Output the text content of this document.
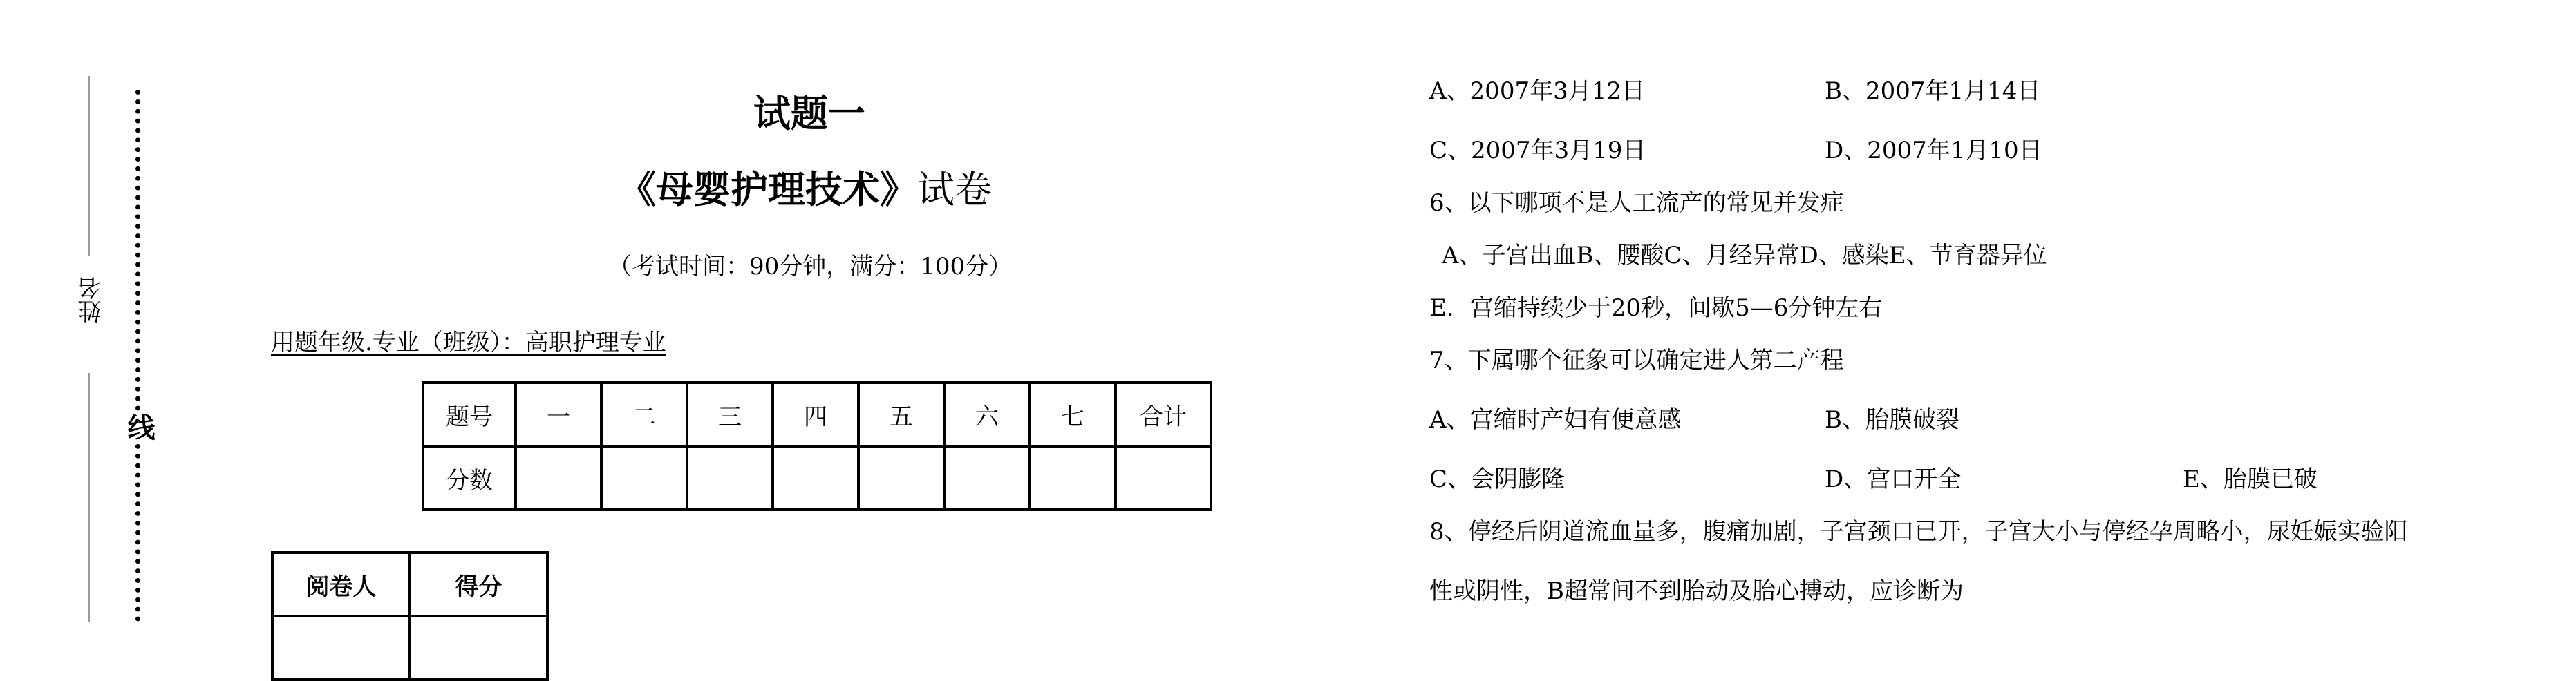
姓名
线
试题一
《母婴护理技术》试卷
（考试时间：90分钟，满分：100分）
用题年级.专业（班级）：高职护理专业
题号	一	二	三	四	五	六	七	合计
分数								
阅卷人	得分

A、2007年3月12日	B、2007年1月14日
C、2007年3月19日	D、2007年1月10日
6、以下哪项不是人工流产的常见并发症
A、子宫出血B、腰酸C、月经异常D、感染E、节育器异位
E．宫缩持续少于20秒，间歇5—6分钟左右
7、下属哪个征象可以确定进人第二产程
A、宫缩时产妇有便意感	B、胎膜破裂
C、会阴膨隆	D、宫口开全	E、胎膜已破
8、停经后阴道流血量多，腹痛加剧，子宫颈口已开，子宫大小与停经孕周略小，尿妊娠实验阳
性或阴性，B超常间不到胎动及胎心搏动，应诊断为
